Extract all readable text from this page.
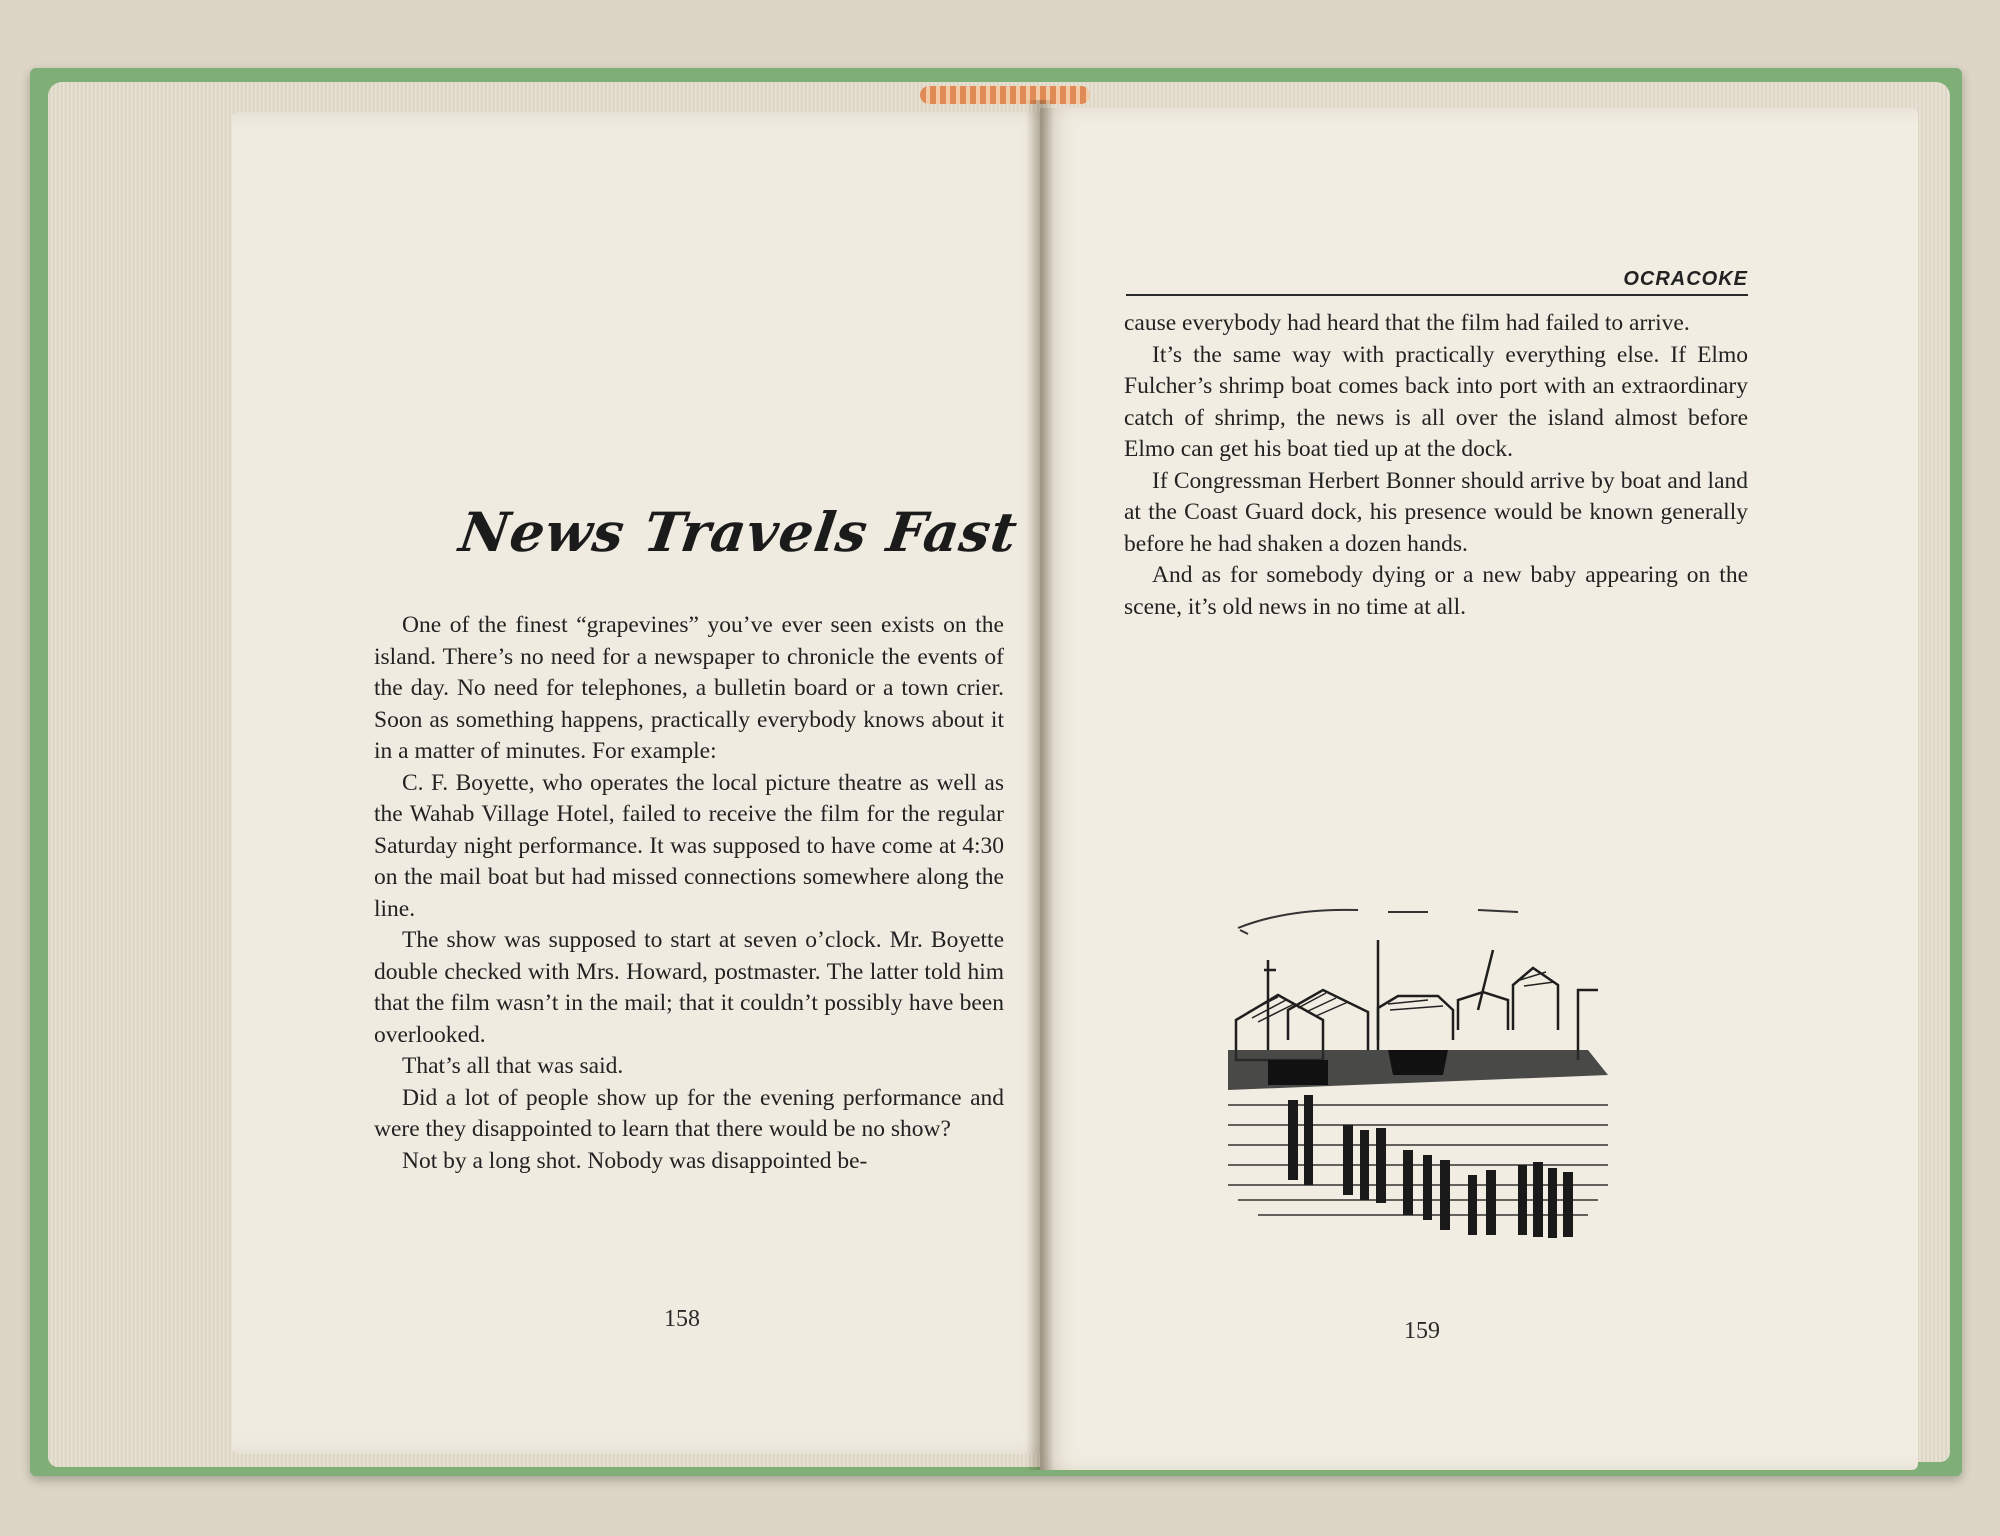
News Travels Fast

One of the finest “grapevines” you’ve ever seen exists on the island. There’s no need for a newspaper to chronicle the events of the day. No need for telephones, a bulletin board or a town crier. Soon as something happens, practically everybody knows about it in a matter of minutes. For example:

C. F. Boyette, who operates the local picture theatre as well as the Wahab Village Hotel, failed to receive the film for the regular Saturday night performance. It was supposed to have come at 4:30 on the mail boat but had missed connections somewhere along the line.

The show was supposed to start at seven o’clock. Mr. Boyette double checked with Mrs. Howard, postmaster. The latter told him that the film wasn’t in the mail; that it couldn’t possibly have been overlooked.

That’s all that was said.

Did a lot of people show up for the evening performance and were they disappointed to learn that there would be no show?

Not by a long shot. Nobody was disappointed be-

158
OCRACOKE

cause everybody had heard that the film had failed to arrive.

It’s the same way with practically everything else. If Elmo Fulcher’s shrimp boat comes back into port with an extraordinary catch of shrimp, the news is all over the island almost before Elmo can get his boat tied up at the dock.

If Congressman Herbert Bonner should arrive by boat and land at the Coast Guard dock, his presence would be known generally before he had shaken a dozen hands.

And as for somebody dying or a new baby appearing on the scene, it’s old news in no time at all.

159
